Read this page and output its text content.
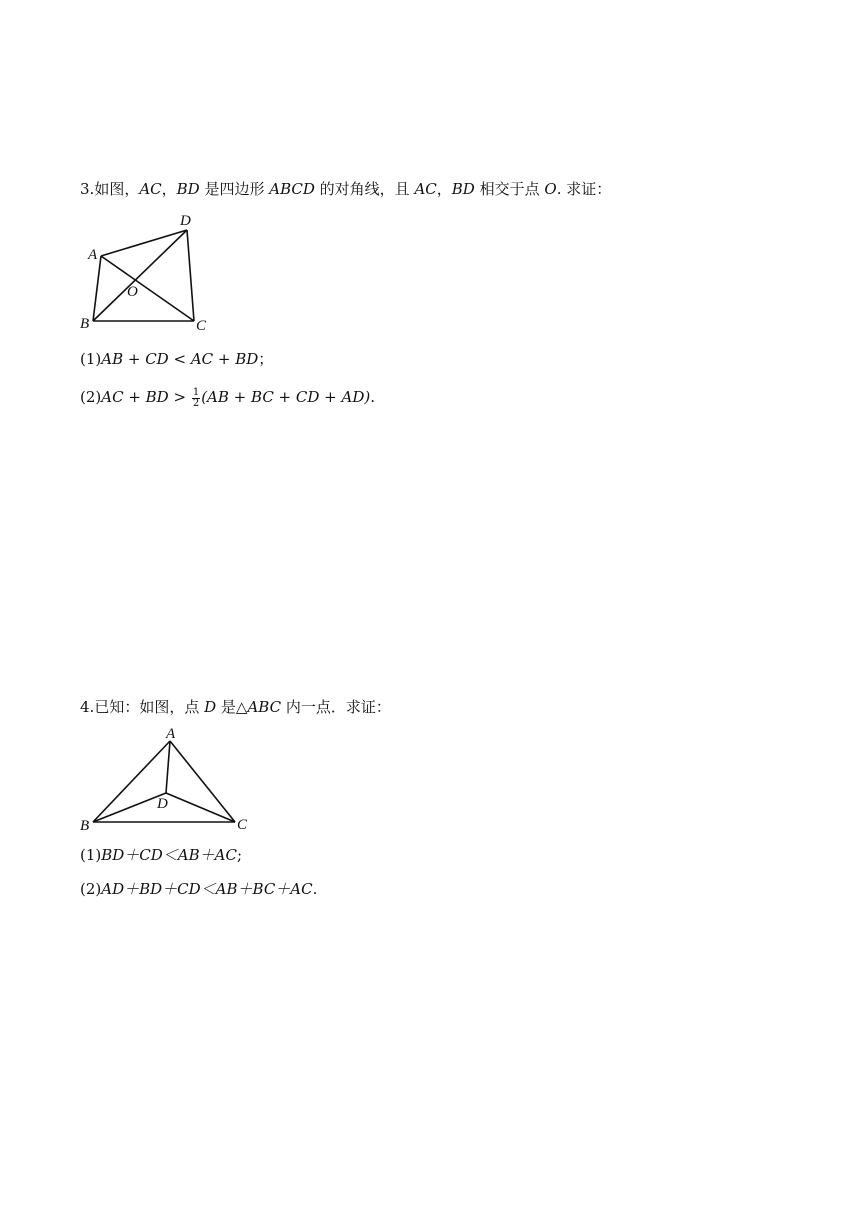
3.如图，AC，BD 是四边形 ABCD 的对角线，且 AC，BD 相交于点 O. 求证：
A
B	C
D
O
(1)AB + CD < AC + BD；
(2)AC + BD > $\frac{1}{2} (AB$ + BC + CD + AD).
4.已知：如图，点 D 是△ABC 内一点．求证：
A
B	C
D
(1)BD＋CD＜AB＋AC;
(2)AD＋BD＋CD＜AB＋BC＋AC.
